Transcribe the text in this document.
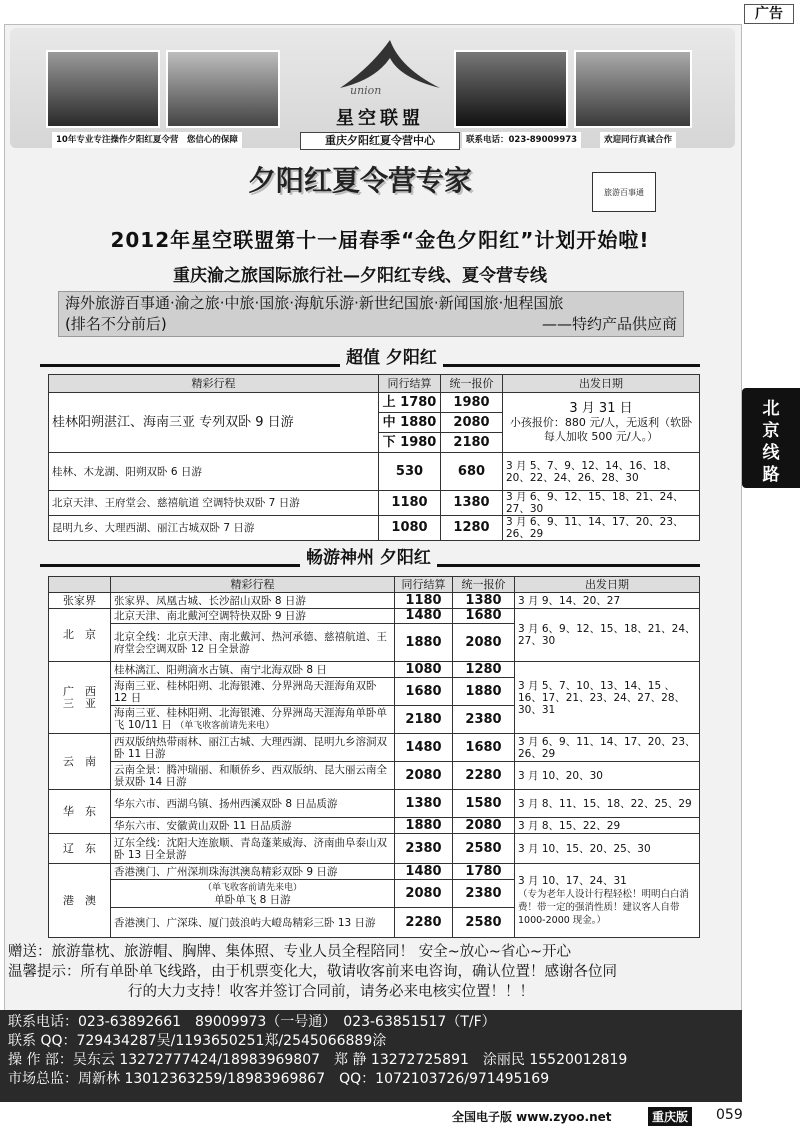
广告
union
星空联盟
重庆夕阳红夏令营中心
10年专业专注操作夕阳红夏令营　您信心的保障	联系电话：023-89009973	欢迎同行真诚合作
夕阳红夏令营专家	旅游百事通
2012年星空联盟第十一届春季“金色夕阳红”计划开始啦!
重庆渝之旅国际旅行社—夕阳红专线、夏令营专线
海外旅游百事通·渝之旅·中旅·国旅·海航乐游·新世纪国旅·新闻国旅·旭程国旅
(排名不分前后)	——特约产品供应商
超值 夕阳红
精彩行程	同行结算	统一报价	出发日期
桂林阳朔湛江、海南三亚 专列双卧 9 日游	上 1780	1980	3 月 31 日
小孩报价：880 元/人，无返利（软卧每人加收 500 元/人。）

	中 1880	2080	
	下 1980	2180	
桂林、木龙湖、阳朔双卧 6 日游	530	680	3 月 5、7、9、12、14、16、18、20、22、24、26、28、30
北京天津、王府堂会、慈禧航道 空调特快双卧 7 日游	1180	1380	3 月 6、9、12、15、18、21、24、27、30
昆明九乡、大理西湖、丽江古城双卧 7 日游	1080	1280	3 月 6、9、11、14、17、20、23、26、29
畅游神州 夕阳红
	精彩行程	同行结算	统一报价	出发日期
张家界	张家界、凤凰古城、长沙韶山双卧 8 日游	1180	1380	3 月 9、14、20、27
北　京	北京天津、南北戴河空调特快双卧 9 日游	1480	1680	3 月 6、9、12、15、18、21、24、27、30
	北京全线：北京天津、南北戴河、热河承德、慈禧航道、王府堂会空调双卧 12 日全景游	1880	2080	
广　西
三　亚	桂林漓江、阳朔滴水古镇、南宁北海双卧 8 日	1080	1280	3 月 5、7、10、13、14、15 、16、17、21、23、24、27、28、 30、31
	海南三亚、桂林阳朔、北海银滩、分界洲岛天涯海角双卧 12 日	1680	1880	
	海南三亚、桂林阳朔、北海银滩、分界洲岛天涯海角单卧单飞 10/11 日 （单飞收客前请先来电）	2180	2380	
云　南	西双版纳热带雨林、丽江古城、大理西湖、昆明九乡溶洞双卧 11 日游	1480	1680	3 月 6、9、11、14、17、20、23、26、29
	云南全景：腾冲瑞丽、和顺侨乡、西双版纳、昆大丽云南全景双卧 14 日游	2080	2280	3 月 10、20、30
华　东	华东六市、西湖乌镇、扬州西溪双卧 8 日品质游	1380	1580	3 月 8、11、15、18、22、25、29
	华东六市、安徽黄山双卧 11 日品质游	1880	2080	3 月 8、15、22、29
辽　东	辽东全线：沈阳大连旅顺、青岛蓬莱威海、济南曲阜泰山双卧 13 日全景游	2380	2580	3 月 10、15、20、25、30
港　澳	香港澳门、广州深圳珠海淇澳岛精彩双卧 9 日游	1480	1780	3 月 10、17、24、31
（专为老年人设计行程轻松！明明白白消费！带一定的强消性质！建议客人自带 1000-2000 现金。）

	（单飞收客前请先来电）
单卧单飞 8 日游	2080	2380	
	香港澳门、广深珠、厦门鼓浪屿大嶝岛精彩三卧 13 日游	2280	2580	
赠送：旅游靠枕、旅游帽、胸牌、集体照、专业人员全程陪同！ 安全~放心~省心~开心
温馨提示：所有单卧单飞线路，由于机票变化大，敬请收客前来电咨询，确认位置！感谢各位同
行的大力支持！收客并签订合同前，请务必来电核实位置！！！
联系电话：023-63892661　89009973（一号通）　023-63851517（T/F）
联系 QQ：729434287吴/1193650251郑/2545066889涂
操 作 部：吴东云 13272777424/18983969807　郑 静 13272725891　涂丽民 15520012819
市场总监：周新林 13012363259/18983969867　QQ：1072103726/971495169
全国电子版 www.zyoo.net	重庆版 059
北京线路
